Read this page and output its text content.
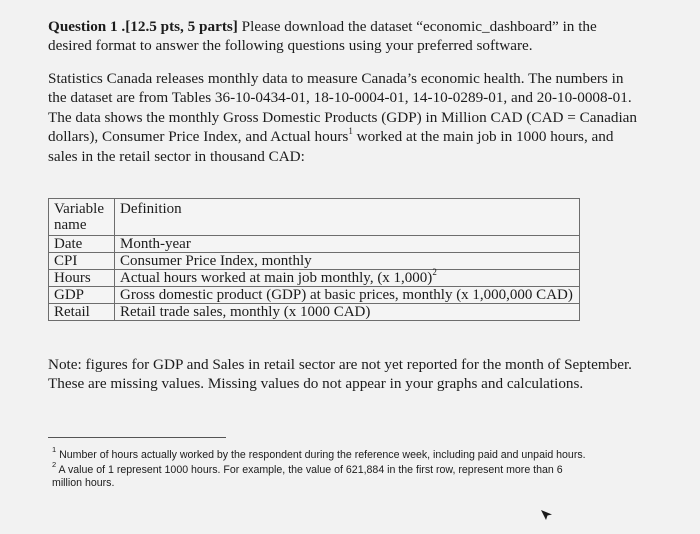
Question 1 .[12.5 pts, 5 parts] Please download the dataset “economic_dashboard” in the
desired format to answer the following questions using your preferred software.
Statistics Canada releases monthly data to measure Canada’s economic health. The numbers in
the dataset are from Tables 36-10-0434-01, 18-10-0004-01, 14-10-0289-01, and 20-10-0008-01.
The data shows the monthly Gross Domestic Products (GDP) in Million CAD (CAD = Canadian
dollars), Consumer Price Index, and Actual hours$^1$ worked at the main job in 1000 hours, and
sales in the retail sector in thousand CAD:
Variable
name	Definition
Date	Month-year
CPI	Consumer Price Index, monthly
Hours	Actual hours worked at main job monthly, (x 1,000)$^2$
GDP	Gross domestic product (GDP) at basic prices, monthly (x 1,000,000 CAD)
Retail	Retail trade sales, monthly (x 1000 CAD)
Note: figures for GDP and Sales in retail sector are not yet reported for the month of September.
These are missing values. Missing values do not appear in your graphs and calculations.
$^1$ Number of hours actually worked by the respondent during the reference week, including paid and unpaid hours.
$^2$ A value of 1 represent 1000 hours. For example, the value of 621,884 in the first row, represent more than 6
million hours.
